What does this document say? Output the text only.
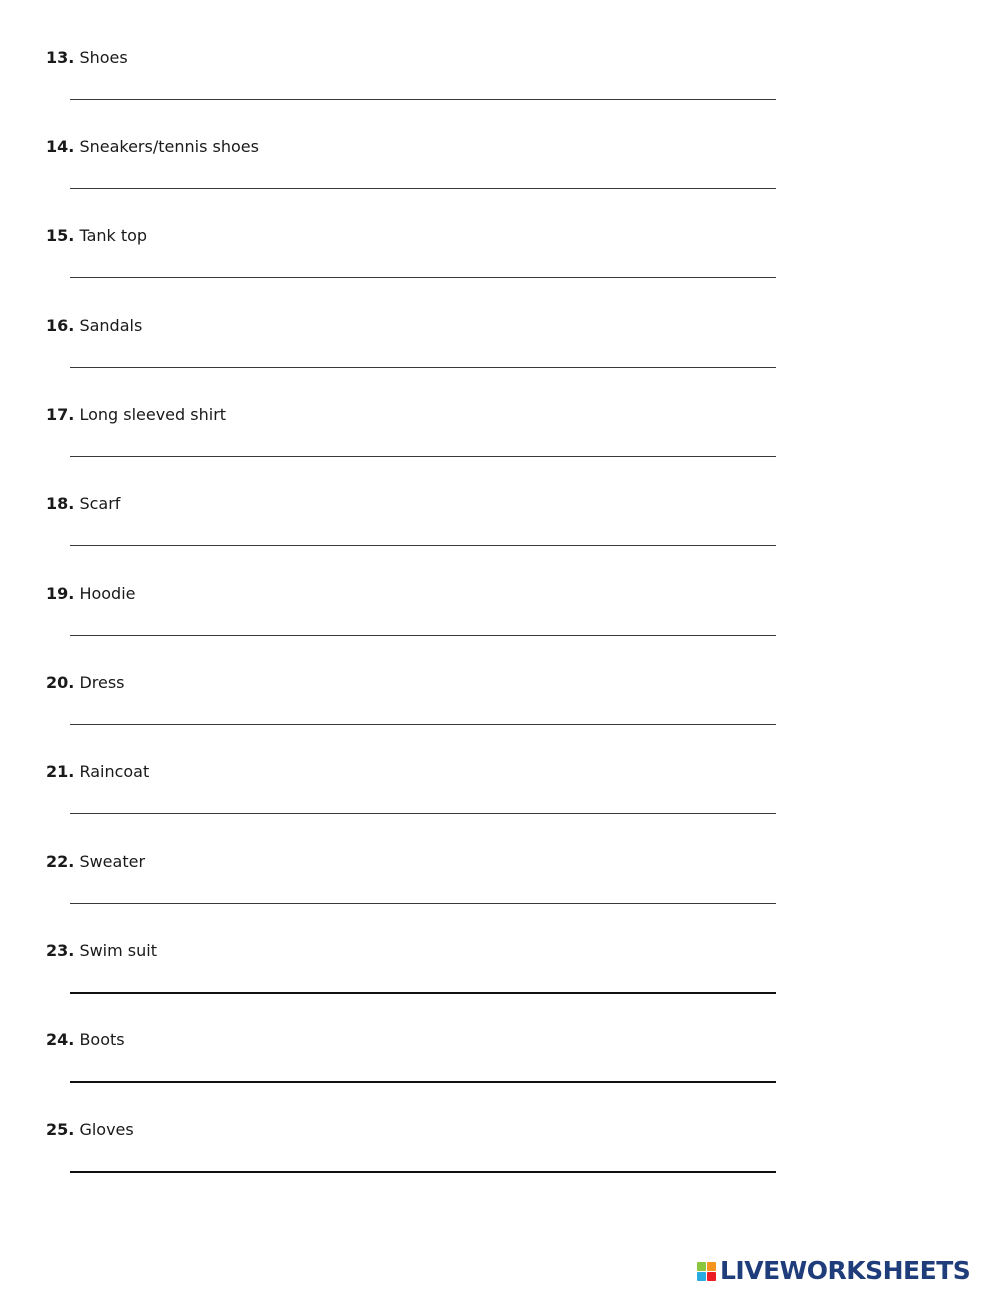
13. Shoes
14. Sneakers/tennis shoes
15. Tank top
16. Sandals
17. Long sleeved shirt
18. Scarf
19. Hoodie
20. Dress
21. Raincoat
22. Sweater
23. Swim suit
24. Boots
25. Gloves
LIVEWORKSHEETS
